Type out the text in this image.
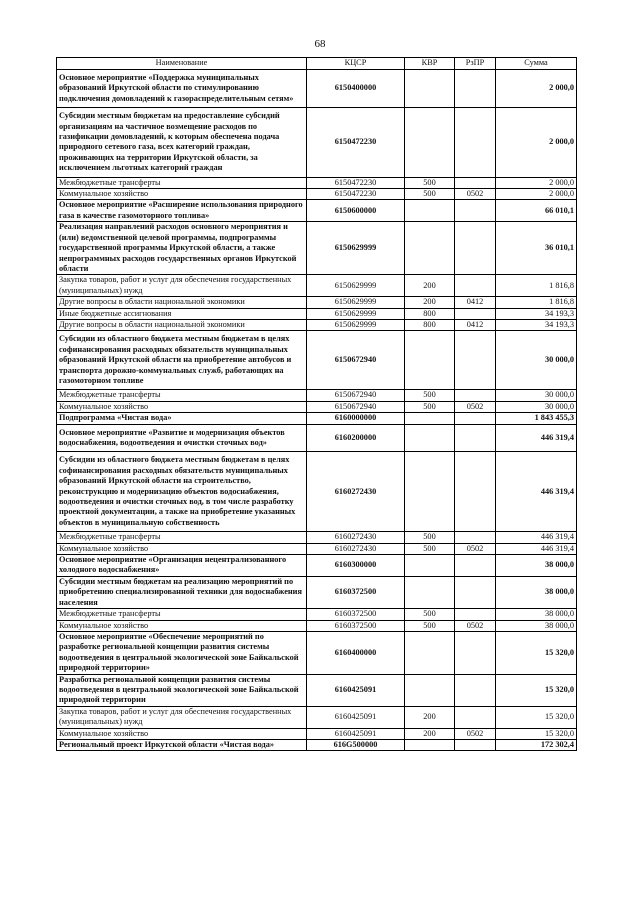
68
Наименование	КЦСР	КВР	РзПР	Сумма
Основное мероприятие «Поддержка муниципальных образований Иркутской области по стимулированию подключения домовладений к газораспределительным сетям»	6150400000			2 000,0
Субсидии местным бюджетам на предоставление субсидий организациям на частичное возмещение расходов по газификации домовладений, к которым обеспечена подача природного сетевого газа, всех категорий граждан, проживающих на территории Иркутской области, за исключением льготных категорий граждан	6150472230			2 000,0
Межбюджетные трансферты	6150472230	500		2 000,0
Коммунальное хозяйство	6150472230	500	0502	2 000,0
Основное мероприятие «Расширение использования природного газа в качестве газомоторного топлива»	6150600000			66 010,1
Реализация направлений расходов основного мероприятия и (или) ведомственной целевой программы, подпрограммы государственной программы Иркутской области, а также непрограммных расходов государственных органов Иркутской области	6150629999			36 010,1
Закупка товаров, работ и услуг для обеспечения государственных (муниципальных) нужд	6150629999	200		1 816,8
Другие вопросы в области национальной экономики	6150629999	200	0412	1 816,8
Иные бюджетные ассигнования	6150629999	800		34 193,3
Другие вопросы в области национальной экономики	6150629999	800	0412	34 193,3
Субсидии из областного бюджета местным бюджетам в целях софинансирования расходных обязательств муниципальных образований Иркутской области на приобретение автобусов и транспорта дорожно-коммунальных служб, работающих на газомоторном топливе	6150672940			30 000,0
Межбюджетные трансферты	6150672940	500		30 000,0
Коммунальное хозяйство	6150672940	500	0502	30 000,0
Подпрограмма «Чистая вода»	6160000000			1 843 455,3
Основное мероприятие «Развитие и модернизация объектов водоснабжения, водоотведения и очистки сточных вод»	6160200000			446 319,4
Субсидии из областного бюджета местным бюджетам в целях софинансирования расходных обязательств муниципальных образований Иркутской области на строительство, реконструкцию и модернизацию объектов водоснабжения, водоотведения и очистки сточных вод, в том числе разработку проектной документации, а также на приобретение указанных объектов в муниципальную собственность	6160272430			446 319,4
Межбюджетные трансферты	6160272430	500		446 319,4
Коммунальное хозяйство	6160272430	500	0502	446 319,4
Основное мероприятие «Организация нецентрализованного холодного водоснабжения»	6160300000			38 000,0
Субсидии местным бюджетам на реализацию мероприятий по приобретению специализированной техники для водоснабжения населения	6160372500			38 000,0
Межбюджетные трансферты	6160372500	500		38 000,0
Коммунальное хозяйство	6160372500	500	0502	38 000,0
Основное мероприятие «Обеспечение мероприятий по разработке региональной концепции развития системы водоотведения в центральной экологической зоне Байкальской природной территории»	6160400000			15 320,0
Разработка региональной концепции развития системы водоотведения в центральной экологической зоне Байкальской природной территории	6160425091			15 320,0
Закупка товаров, работ и услуг для обеспечения государственных (муниципальных) нужд	6160425091	200		15 320,0
Коммунальное хозяйство	6160425091	200	0502	15 320,0
Региональный проект Иркутской области «Чистая вода»	616G500000			172 302,4
